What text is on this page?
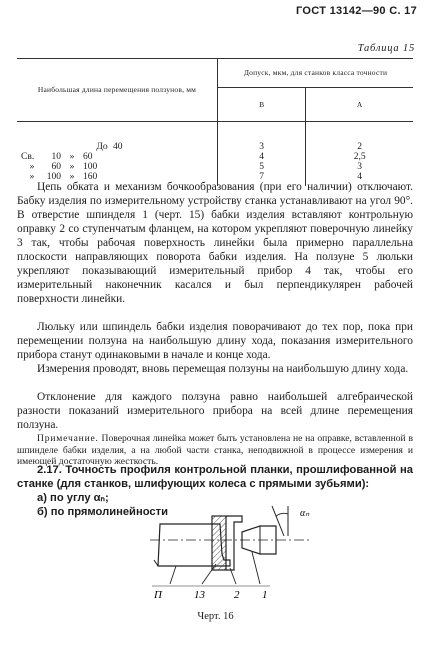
ГОСТ 13142—90 С. 17
Таблица 15
Наибольшая длина перемещения ползунов, мм	Допуск, мкм, для станков класса точности	
	В	А

До 40	3	2
Св. 10 » 60	4	2,5
» 60 » 100	5	3
» 100 » 160	7	4

Цепь обката и механизм бочкообразования (при его наличии) отключают. Бабку изделия по измерительному устройству станка устанавливают на угол 90°. В отверстие шпинделя 1 (черт. 15) бабки изделия вставляют контрольную оправку 2 со ступенчатым фланцем, на котором укрепляют поверочную линейку 3 так, чтобы рабочая поверхность линейки была примерно параллельна плоскости направляющих поворота бабки изделия. На ползуне 5 люльки укрепляют показывающий измерительный прибор 4 так, чтобы его измерительный наконечник касался и был перпендикулярен рабочей поверхности линейки.

Люльку или шпиндель бабки изделия поворачивают до тех пор, пока при перемещении ползуна на наибольшую длину хода, показания измерительного прибора станут одинаковыми в начале и конце хода.

Измерения проводят, вновь перемещая ползуны на наибольшую длину хода.

Отклонение для каждого ползуна равно наибольшей алгебраической разности показаний измерительного прибора на всей длине перемещения ползуна.

Примечание. Поверочная линейка может быть установлена не на оправке, вставленной в шпинделе бабки изделия, а на любой части станка, неподвижной в процессе измерения и имеющей достаточную жесткость.

2.17. Точность профиля контрольной планки, прошлифованной на станке (для станков, шлифующих колеса с прямыми зубьями):

а) по углу αₙ;

б) по прямолинейности	αₙ
П	13	2 1
Черт. 16
